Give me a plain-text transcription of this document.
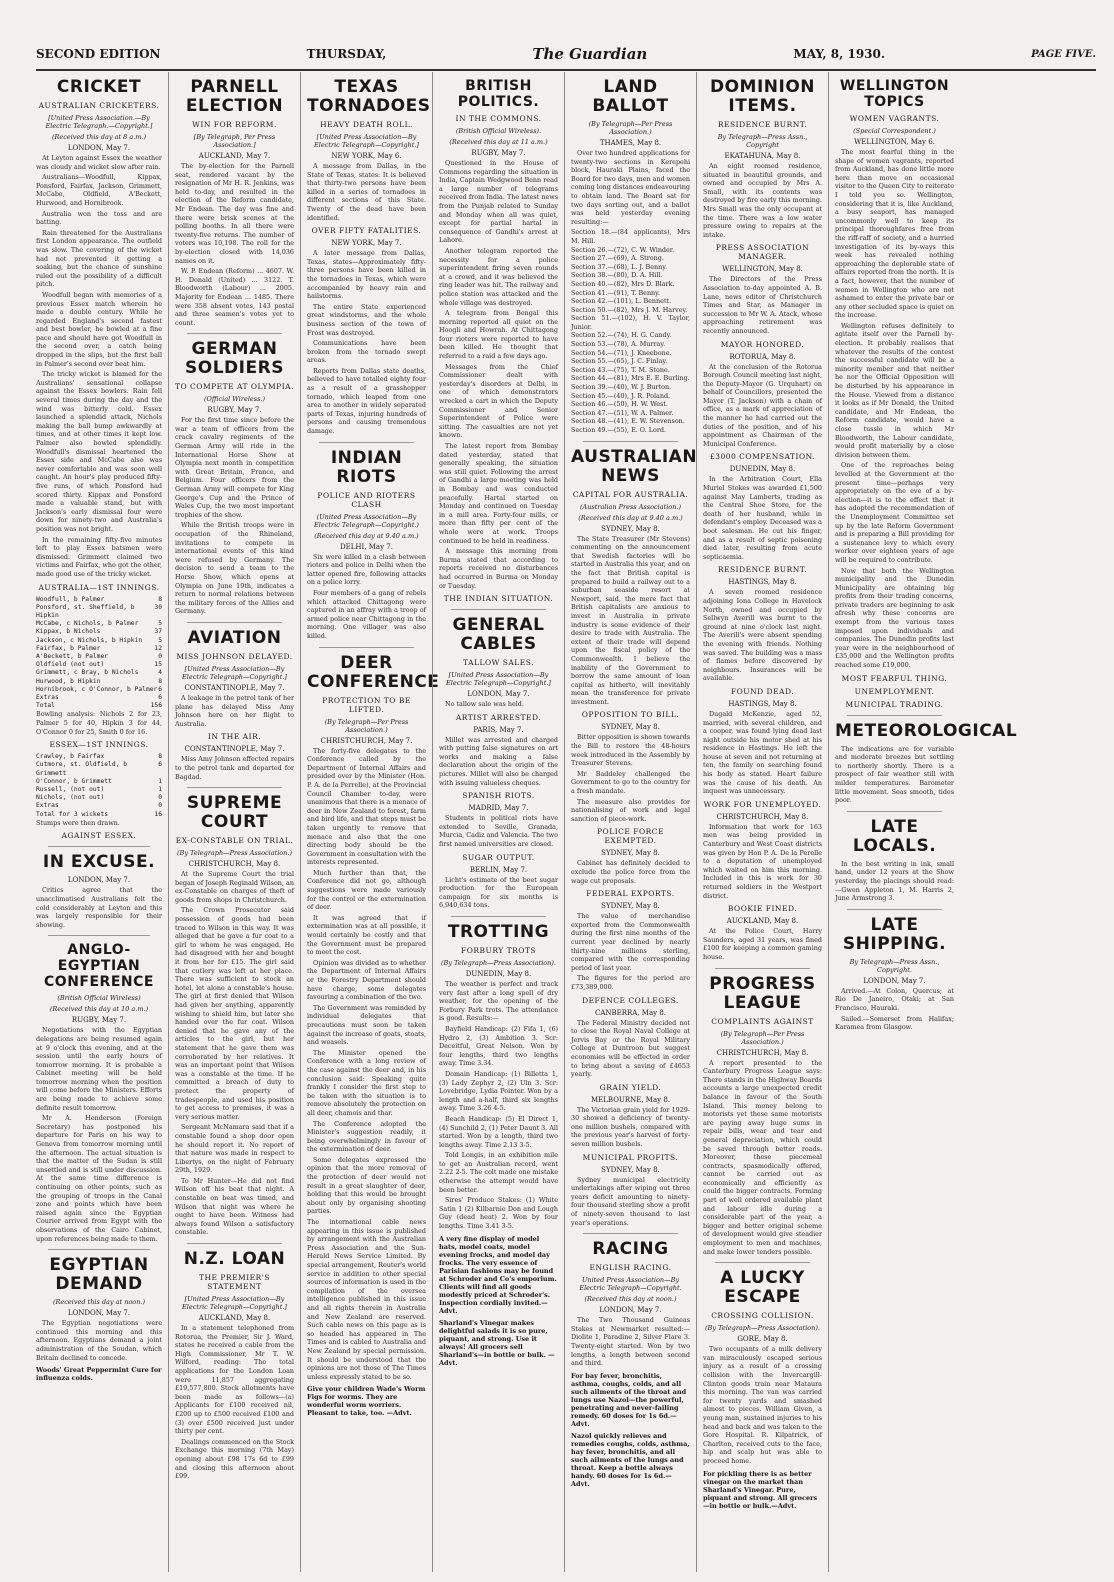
SECOND EDITION	THURSDAY,	The Guardian	MAY, 8, 1930.	PAGE FIVE.
CRICKET
AUSTRALIAN CRICKETERS.
[United Press Association.—By Electric Telegraph.—Copyright.]
(Received this day at 8 a.m.)
LONDON, May 7.

At Leyton against Essex the weather was cloudy and wicket slow after rain.

Australians—Woodfull, Kippax, Ponsford, Fairfax, Jackson, Grimmett, McCabe, Oldfield, A'Beckett, Hurwood, and Hornibrook.

Australia won the toss and are batting.

Rain threatened for the Australians first London appearance. The outfield was slow. The covering of the wicket had not prevented it getting a soaking, but the chance of sunshine ruled out the possibility of a difficult pitch.

Woodfull began with memories of a previous Essex match wherein he made a double century. While he regarded England's second fastest and best bowler, he bowled at a fine pace and should have got Woodfull in the second over, a catch being dropped in the slips, but the first ball in Palmer's second over beat him.

The tricky wicket is blamed for the Australians' sensational collapse against the Essex bowlers. Rain fell several times during the day and the wind was bitterly cold. Essex launched a splendid attack, Nichols making the ball bump awkwardly at times, and at other times it kept low. Palmer also bowled splendidly. Woodfull's dismissal heartened the Essex side and McCabe also was never comfortable and was soon well caught. An hour's play produced fifty-five runs, of which Ponsford had scored thirty. Kippax and Ponsford made a valuable stand, but with Jackson's early dismissal four were down for ninety-two and Australia's position was not bright.

In the remaining fifty-five minutes left to play Essex batsmen were dismissed. Grimmett claimed two victims and Fairfax, who got the other, made good use of the tricky wicket.

AUSTRALIA—1ST INNINGS.
Woodfull, b Palmer	8
Ponsford, st. Sheffield, b Hipkin
30
McCabe, c Nichols, b Palmer	5
Kippax, b Nichols	37
Jackson, c Nichols, b Hipkin	5
Fairfax, b Palmer	12
A'Beckett, b Palmer	0
Oldfield (not out)	15
Grimmett, c Bray, b Nichols	4
Hurwood, b Hipkin	8
Hornibrook, c O'Connor, b Palmer 6
Extras	6
Total	156
Bowling analysis: Nichols 2 for 23, Palmer 5 for 40, Hipkin 3 for 44, O'Connor 0 for 25, Smith 0 for 16.
ESSEX—1ST INNINGS.
Crawley, b Fairfax	8
Cutmore, st. Oldfield, b Grimmett
6
O'Connor, b Grimmett	1
Russell, (not out)	1
Nichols, (not out)	0
Extras	0
Total for 3 wickets	16
Stumps were then drawn.
AGAINST ESSEX.
IN EXCUSE.
LONDON, May 7.

Critics agree that the unacclimatised Australians felt the cold considerably at Leyton and this was largely responsible for their showing.

ANGLO-EGYPTIAN CONFERENCE
(British Official Wireless)
(Received this day at 10 a.m.)
RUGBY, May 7.

Negotiations with the Egyptian delegations are being resumed again at 9 o'clock this evening, and at the session until the early hours of tomorrow morning. It is probable a Cabinet meeting will be held tomorrow morning when the position will come before the Ministers. Efforts are being made to achieve some definite result tomorrow.

Mr A. Henderson (Foreign Secretary) has postponed his departure for Paris on his way to Geneva from tomorrow morning until the afternoon. The actual situation is that the matter of the Sudan is still unsettled and is still under discussion. At the same time difference is continuing on other points, such as the grouping of troops in the Canal zone and points which have been raised again since the Egyptian Courier arrived from Egypt with the observations of the Cairo Cabinet, upon references being made to them.

EGYPTIAN DEMAND
(Received this day at noon.)
LONDON, May 7.

The Egyptian negotiations were continued this morning and this afternoon. Egyptians demand a joint administration of the Soudan, which Britain declined to concede.

Woods' Great Peppermint Cure for influenza colds.
PARNELL ELECTION
WIN FOR REFORM.
[By Telegraph, Per Press Association.]
AUCKLAND, May 7.

The by-election for the Parnell seat, rendered vacant by the resignation of Mr H. R. Jenkins, was held to-day, and resulted in the election of the Reform candidate, Mr Endean. The day was fine and there were brisk scenes at the polling booths. In all there were twenty-five returns. The number of voters was 10,198. The roll for the by-election closed with 14,036 names on it.

W. P. Endean (Reform) ... 4607. W. H. Donald (United) ... 3122. T. Bloodworth (Labour) ... 2005. Majority for Endean ... 1485. There were 358 absent votes, 143 postal and three seamen's votes yet to count.

GERMAN SOLDIERS
TO COMPETE AT OLYMPIA.
(Official Wireless.)
RUGBY, May 7.

For the first time since before the war a team of officers from the crack cavalry regiments of the German Army will ride in the International Horse Show at Olympia next month in competition with Great Britain, France, and Belgium. Four officers from the German Army will compete for King George's Cup and the Prince of Wales Cup, the two most important trophies of the show.

While the British troops were in occupation of the Rhineland, invitations to compete in international events of this kind were refused by Germany. The decision to send a team to the Horse Show, which opens at Olympia on June 19th, indicates a return to normal relations between the military forces of the Allies and Germany.

AVIATION
MISS JOHNSON DELAYED.
[United Press Association—By Electric Telegraph—Copyright.]
CONSTANTINOPLE, May 7.

A leakage in the petrol tank of her plane has delayed Miss Amy Johnson here on her flight to Australia.

IN THE AIR.
CONSTANTINOPLE, May 7.

Miss Amy Johnson effected repairs to the petrol tank and departed for Bagdad.

SUPREME COURT
EX-CONSTABLE ON TRIAL.
(By Telegraph—Press Association.)
CHRISTCHURCH, May 8.

At the Supreme Court the trial began of Joseph Reginald Wilson, an ex-Constable on charges of theft of goods from shops in Christchurch.

The Crown Prosecutor said possession of goods had been traced to Wilson in this way. It was alleged that he gave a fur coat to a girl to whom he was engaged. He had disagreed with her and bought it from her for £15. The girl said that cutlery was left at her place. There was sufficient to stock an hotel, let alone a constable's house. The girl at first denied that Wilson had given her anything, apparently wishing to shield him, but later she handed over the fur coat. Wilson denied that he gave any of the articles to the girl, but her statement that he gave them was corroborated by her relatives. It was an important point that Wilson was a constable at the time. If he committed a breach of duty to protect the property of tradespeople, and used his position to get access to premises, it was a very serious matter.

Sergeant McNamara said that if a constable found a shop door open he should report it. No report of that nature was made in respect to Libertys, on the night of February 29th, 1929.

To Mr Hunter—He did not find Wilson off his beat that night. A constable on beat was timed, and Wilson that night was where he ought to have been. Witness had always found Wilson a satisfactory constable.

N.Z. LOAN
THE PREMIER'S STATEMENT
[United Press Association—By Electric Telegraph—Copyright.]
AUCKLAND, May 8.

In a statement telephoned from Rotorua, the Premier, Sir J. Ward, states he received a cable from the High Commissioner, Mr T. W. Wilford, reading: The total applications for the London Loan were 11,857 aggregating £19,577,800. Stock allotments have been made as follows—(a) Applicants for £100 received nil, £200 up to £500 received £100 and (3) over £500 received just under thirty per cent.

Dealings commenced on the Stock Exchange this morning (7th May) opening about £98 17s 6d to £99 and closing this afternoon about £99.

TEXAS TORNADOES
HEAVY DEATH ROLL.
[United Press Association—By Electric Telegraph—Copyright.]
NEW YORK, May 6.

A message from Dallas, in the State of Texas, states: It is believed that thirty-two persons have been killed in a series of tornadoes in different sections of this State. Twenty of the dead have been identified.

OVER FIFTY FATALITIES.
NEW YORK, May 7.

A later message from Dallas, Texas, states—Approximately fifty-three persons have been killed in the tornadoes in Texas, which were accompanied by heavy rain and hailstorms.

The entire State experienced great windstorms, and the whole business section of the town of Frost was destroyed.

Communications have been broken from the tornado swept areas.

Reports from Dallas state deaths, believed to have totalled eighty four as a result of a grasshopper tornado, which leaped from one area to another in widely separated parts of Texas, injuring hundreds of persons and causing tremendous damage.

INDIAN RIOTS
POLICE AND RIOTERS CLASH
(United Press Association—By Electric Telegraph—Copyright.)
(Received this day at 9.40 a.m.)
DELHI, May 7.

Six were killed in a clash between rioters and police in Delhi when the latter opened fire, following attacks on a police lorry.

Four members of a gang of rebels which attacked Chittagong were captured in an affray with a troop of armed police near Chittagong in the morning. One villager was also killed.

DEER CONFERENCE
PROTECTION TO BE LIFTED.
(By Telegraph—Per Press Association.)
CHRISTCHURCH, May 7.

The forty-five delegates to the Conference called by the Department of Internal Affairs and presided over by the Minister (Hon. P. A. de la Perrelle), at the Provincial Council Chamber to-day, were unanimous that there is a menace of deer in New Zealand to forest, farm and bird life, and that steps must be taken urgently to remove that menace and also that the one directing body should be the Government in consultation with the interests represented.

Much further than that, the Conference did not go, although suggestions were made variously for the control or the extermination of deer.

It was agreed that if extermination was at all possible, it would certainly be costly and that the Government must be prepared to meet the cost.

Opinion was divided as to whether the Department of Internal Affairs or the Forestry Department should have charge, some delegates favouring a combination of the two.

The Government was reminded by individual delegates that precautions must soon be taken against the increase of goats, stoats, and weasels.

The Minister opened the Conference with a long review of the case against the deer and, in his conclusion said: Speaking quite frankly I consider the first step to be taken with the situation is to remove absolutely the protection on all deer, chamois and thar.

The Conference adopted the Minister's suggestion readily, it being overwhelmingly in favour of the extermination of deer.

Some delegates expressed the opinion that the more removal of the protection of deer would not result in a great slaughter of deer, holding that this would be brought about only by organising shooting parties.

The international cable news appearing in this issue is published by arrangement with the Australian Press Association and the Sun-Herald News Service Limited. By special arrangement, Reuter's world service in addition to other special sources of information is used in the compilation of the oversea intelligence published in this issue and all rights therein in Australia and New Zealand are reserved. Such cable news on this page as is so headed has appeared in The Times and is cabled to Australia and New Zealand by special permission. It should be understood that the opinions are not those of The Times unless expressly stated to be so.
Give your children Wade's Worm Figs for worms. They are wonderful worm worriers. Pleasant to take, too. —Advt.
BRITISH POLITICS.
IN THE COMMONS.
(British Official Wireless).
(Received this day at 11 a.m.)
RUGBY, May 7.

Questioned in the House of Commons regarding the situation in India, Captain Wedgwood Benn read a large number of telegrams received from India. The latest news from the Punjab related to Sunday and Monday when all was quiet, except for partial hartal in consequence of Gandhi's arrest at Lahore.

Another telegram reported the necessity for a police superintendent firing seven rounds at a crowd, and it was believed the ring leader was hit. The railway and police station was attacked and the whole village was destroyed.

A telegram from Bengal this morning reported all quiet on the Hoogli and Howrah. At Chittagong four rioters were reported to have been killed. He thought that referred to a raid a few days ago.

Messages from the Chief Commissioner dealt with yesterday's disorders at Delhi, in one of which demonstrators wrecked a cart in which the Deputy Commissioner and Senior Superintendent of Police were sitting. The casualties are not yet known.

The latest report from Bombay dated yesterday, stated that generally speaking, the situation was still quiet. Following the arrest of Gandhi a large meeting was held in Bombay and was conducted peacefully. Hartal started on Monday and continued on Tuesday in a mill area. Forty-four mills, or more than fifty per cent of the whole were at work. Troops continued to be held in readiness.

A message this morning from Burma stated that according to reports received no disturbances had occurred in Burma on Monday or Tuesday.

THE INDIAN SITUATION.
GENERAL CABLES
TALLOW SALES.
[United Press Association—By Electric Telegraph—Copyright.]
LONDON, May 7.

No tallow sale was held.

ARTIST ARRESTED.
PARIS, May 7.

Millet was arrested and charged with putting false signatures on art works and making a false declaration about the origin of the pictures. Millet will also be charged with issuing valueless cheques.

SPANISH RIOTS.
MADRID, May 7.

Students in political riots have extended to Seville, Granada, Murcia, Cadiz and Valencia. The two first named universities are closed.

SUGAR OUTPUT.
BERLIN, May 7.

Licht's estimate of the beet sugar production for the European campaign for six months is 6,940,634 tons.

TROTTING
FORBURY TROTS
(By Telegraph—Press Association).
DUNEDIN, May 8.

The weather is perfect and track very fast after a long spell of dry weather, for the opening of the Forbury Park trots. The attendance is good. Results:—

Bayfield Handicap: (2) Fifa 1, (6) Hydro 2, (3) Ambition 3. Scr: Deceitful, Great Nelson. Won by four lengths, third two lengths away. Time 3.34.

Domain Handicap: (1) Billetta 1, (3) Lady Zephyr 2, (2) Uln 3. Scr: Lovebridge, Lydia Pointer. Won by a length and a-half, third six lengths away. Time 3.26 4-5.

Beach Handicap: (5) El Direct 1, (4) Sunchild 2, (1) Peter Daunt 3. All started. Won by a length, third two lengths away. Time 2.13 3-5.

Told Longis, in an exhibition mile to get an Australian record, went 2.22 2-5. The colt made one mistake otherwise the attempt would have been better.

Sires' Produce Stakes: (1) White Satin 1 (2) Kilbarnie Don and Lough Guy (dead heat) 2. Won by four lengths. Time 3.41 3-5.

A very fine display of model hats, model coats, model evening frocks, and model day frocks. The very essence of Parisian fashions may be found at Schroder and Co's emporium. Clients will find all goods modestly priced at Schroder's. Inspection cordially invited.—Advt.
Sharland's Vinegar makes delightful salads it is so pure, piquant, and strong. Use it always! All grocers sell Sharland's—in bottle or bulk. —Advt.
LAND BALLOT
(By Telegraph—Per Press Association.)
THAMES, May 8.

Over two hundred applications for twenty-two sections in Kerepehi block, Hauraki Plains, faced the Board for two days, men and women coming long distances endeavouring to obtain land. The Board sat for two days sorting out, and a ballot was held yesterday evening resulting:—

Section 18.—(84 applicants), Mrs M. Hill.
Section 26.—(72), C. W. Winder.
Section 27.—(69), A. Strong.
Section 37.—(68), L. J. Benny.
Section 38.—(80), D. A. Hill.
Section 40.—(82), Mrs D. Blark.
Section 41.—(91), T. Benny.
Section 42.—(101), L. Bennett.
Section 50.—(82), Mrs J. M. Harvey.
Section 51.—(102), H. V. Taylor, Junior.
Section 52.—(74), H. G. Candy.
Section 53.—(78), A. Murray.
Section 54.—(71), J. Kneebone.
Section 55.—(65), J. C. Finlay.
Section 43.—(75), T. M. Stone.
Section 44.—(81), Mrs E. E. Burling.
Section 39.—(40), W. J. Burton.
Section 45.—(40), J. R. Poland.
Section 46.—(50), H. W. West.
Section 47.—(51), W. A. Palmer.
Section 48.—(41), E. W. Stevenson.
Section 49.—(55), E. O. Lord.
AUSTRALIAN NEWS
CAPITAL FOR AUSTRALIA.
(Australian Press Association.)
(Received this day at 9.40 a.m.)
SYDNEY, May 8.

The State Treasurer (Mr Stevens) commenting on the announcement that Swedish factories will be started in Australia this year, and on the fact that British capital is prepared to build a railway out to a suburban seaside resort at Newport, said, the mere fact that British capitalists are anxious to invest in Australia in private industry is some evidence of their desire to trade with Australia. The extent of their trade will depend upon the fiscal policy of the Commonwealth. I believe the inability of the Government to borrow the same amount of loan capital as hitherto, will inevitably mean the transference for private investment.

OPPOSITION TO BILL.
SYDNEY, May 8.

Bitter opposition is shown towards the Bill to restore the 48-hours week introduced in the Assembly by Treasurer Stevens.

Mr Baddeley challenged the Government to go to the country for a fresh mandate.

The measure also provides for nationalising of work and legal sanction of piece-work.

POLICE FORCE EXEMPTED.
SYDNEY, May 8.

Cabinet has definitely decided to exclude the police force from the wage cut proposals.

FEDERAL EXPORTS.
SYDNEY, May 8.

The value of merchandise exported from the Commonwealth during the first nine months of the current year declined by nearly thirty-nine millions sterling, compared with the corresponding period of last year.

The figures for the period are £73,389,000.

DEFENCE COLLEGES.
CANBERRA, May 8.

The Federal Ministry decided not to close the Royal Naval College at Jervis Bay or the Royal Military College at Duntroon but suggest economies will be effected in order to bring about a saving of £4653 yearly.

GRAIN YIELD.
MELBOURNE, May 8.

The Victorian grain yield for 1929-30 showed a deficiency of twenty-one million bushels, compared with the previous year's harvest of forty-seven million bushels.

MUNICIPAL PROFITS.
SYDNEY, May 8.

Sydney municipal electricity undertakings after wiping out three years deficit amounting to ninety-four thousand sterling show a profit of ninety-seven thousand to last year's operations.

RACING
ENGLISH RACING.
United Press Association—By Electric Telegraph—Copyright.
(Received this day at noon.)
LONDON, May 7.

The Two Thousand Guineas Stakes at Newmarket resulted:—Diolite 1, Paradine 2, Silver Flare 3. Twenty-eight started. Won by two lengths, a length between second and third.

For bay fever, bronchitis, asthma, coughs, colds, and all such ailments of the throat and lungs use Nazol—the powerful, penetrating and never-failing remedy. 60 doses for 1s 6d.—Advt.
Nazol quickly relieves and remedies coughs, colds, asthma, hay fever, bronchitis, and all such ailments of the lungs and throat. Keep a bottle always handy. 60 doses for 1s 6d.—Advt.
DOMINION ITEMS.
RESIDENCE BURNT.
By Telegraph—Press Assn., Copyright
EKATAHUNA, May 8.

An eight roomed residence, situated in beautiful grounds, and owned and occupied by Mrs A. Small, with its contents was destroyed by fire early this morning. Mrs Small was the only occupant at the time. There was a low water pressure owing to repairs at the intake.

PRESS ASSOCIATION MANAGER.
WELLINGTON, May 8.

The Directors of the Press Association to-day appointed A. B. Lane, news editor of Christchurch Times and Star, as Manager in succession to Mr W. A. Atack, whose approaching retirement was recently announced.

MAYOR HONORED.
ROTORUA, May 8.

At the conclusion of the Rotorua Borough Council meeting last night, the Deputy-Mayor (G. Urquhart) on behalf of Councillors, presented the Mayor (T. Jackson) with a chain of office, as a mark of appreciation of the manner he had carried out the duties of the position, and of his appointment as Chairman of the Municipal Conference.

£3000 COMPENSATION.
DUNEDIN, May 8.

In the Arbitration Court, Ella Muriel Stokes was awarded £1,500 against May Lamberts, trading as the Central Shoe Store, for the death of her husband, while in defendant's employ. Deceased was a boot salesman. He cut his finger, and as a result of septic poisoning died later, resulting from acute septicaemia.

RESIDENCE BURNT.
HASTINGS, May 8.

A seven roomed residence adjoining Iona College in Havelock North, owned and occupied by Sellwyn Averill was burnt to the ground at nine o'clock last night. The Averill's were absent spending the evening with friends. Nothing was saved. The building was a mass of flames before discovered by neighbours. Insurances will be available.

FOUND DEAD.
HASTINGS, May 8.

Dugald McKenzie, aged 52, married, with several children, and a cooper, was found lying dead last night outside his motor shed at his residence in Hastings. He left the house at seven and not returning at ten, the family on searching found his body as stated. Heart failure was the cause of his death. An inquest was unnecessary.

WORK FOR UNEMPLOYED.
CHRISTCHURCH, May 8.

Information that work for 163 men was being provided in Canterbury and West Coast districts was given by Hon P. A. De la Perelle to a deputation of unemployed which waited on him this morning. Included in this is work for 30 returned soldiers in the Westport district.

BOOKIE FINED.
AUCKLAND, May 8.

At the Police Court, Harry Saunders, aged 31 years, was fined £100 for keeping a common gaming house.

PROGRESS LEAGUE
COMPLAINTS AGAINST
(By Telegraph—Per Press Association.)
CHRISTCHURCH, May 8.

A report presented to the Canterbury Progress League says: There stands in the Highway Boards accounts a large unexpected credit balance in favour of the South Island. This money belong to motorists yet these same motorists are paying away huge sums in repair bills, wear and tear and general depreciation, which could be saved through better roads. Moreover, these piecemeal contracts, spasmodically offered, cannot be carried out as economically and efficiently as could the bigger contracts. Forming part of well ordered available plant and labour idle during a considerable part of the year, a bigger and better original scheme of development would give steadier employment to men and machines, and make lower tenders possible.

A LUCKY ESCAPE
CROSSING COLLISION.
(By Telegraph—Press Association).
GORE, May 8.

Two occupants of a milk delivery van miraculously escaped serious injury as a result of a crossing collision with the Invercargill-Clinton goods train near Mataura this morning. The van was carried for twenty yards and smashed almost to pieces. William Given, a young man, sustained injuries to his head and back and was taken to the Gore Hospital. R. Kilpatrick, of Charlton, received cuts to the face, hip and scalp but was able to proceed home.

For pickling there is as better vinegar on the market than Sharland's Vinegar. Pure, piquant and strong. All grocers—in bottle or bulk.—Advt.
WELLINGTON TOPICS
WOMEN VAGRANTS.
(Special Correspondent.)
WELLINGTON, May 6.

The most fearful thing in the shape of women vagrants, reported from Auckland, has done little more here than move on occasional visitor to the Queen City to reiterate I told you so. Wellington, considering that it is, like Auckland, a busy seaport, has managed uncommonly well to keep its principal thoroughfares free from the riff-raff of society, and a hurried investigation of its by-ways this week has revealed nothing approaching the deplorable state of affairs reported from the north. It is a fact, however, that the number of women in Wellington who are not ashamed to enter the private bar or any other secluded space is quiet on the increase.

Wellington refuses definitely to agitate itself over the Parnell by-election. It probably realises that whatever the results of the contest the successful candidate will be a minority member and that neither he nor the Official Opposition will be disturbed by his appearance in the House. Viewed from a distance it looks as if Mr Donald, the United candidate, and Mr Endean, the Reform candidate, would have a close tussle in which Mr Bloodworth, the Labour candidate, would profit materially by a close division between them.

One of the reproaches being levelled at the Government at the present time—perhaps very appropriately on the eve of a by-election—it is to the effect that it has adopted the recommendation of the Unemployment Committee set up by the late Reform Government and is preparing a Bill providing for a sustenance levy to which every worker over eighteen years of age will be required to contribute.

Now that both the Wellington municipality and the Dunedin Municipality are obtaining big profits from their trading concerns, private traders are beginning to ask afresh why these concerns are exempt from the various taxes imposed upon individuals and companies. The Dunedin profits last year were in the neighbourhood of £35,000 and the Wellington profits reached some £19,000.

MOST FEARFUL THING.
UNEMPLOYMENT.
MUNICIPAL TRADING.
METEOROLOGICAL

The indications are for variable and moderate breezes but settling to northerly shortly. There is a prospect of fair weather still with milder temperatures. Barometer little movement. Seas smooth, tides poor.

LATE LOCALS.

In the best writing in ink, small hand, under 12 years at the Show yesterday, the placings should read:—Gwen Appleton 1, M. Harris 2, June Armstrong 3.

LATE SHIPPING.
By Telegraph—Press Assn., Copyright.
LONDON, May 7.

Arrived.—At Colon, Quercus; at Rio De Janeiro, Otaki; at San Francisco, Hauraki.

Sailed.—Somerset from Halifax; Karamea from Glasgow.
